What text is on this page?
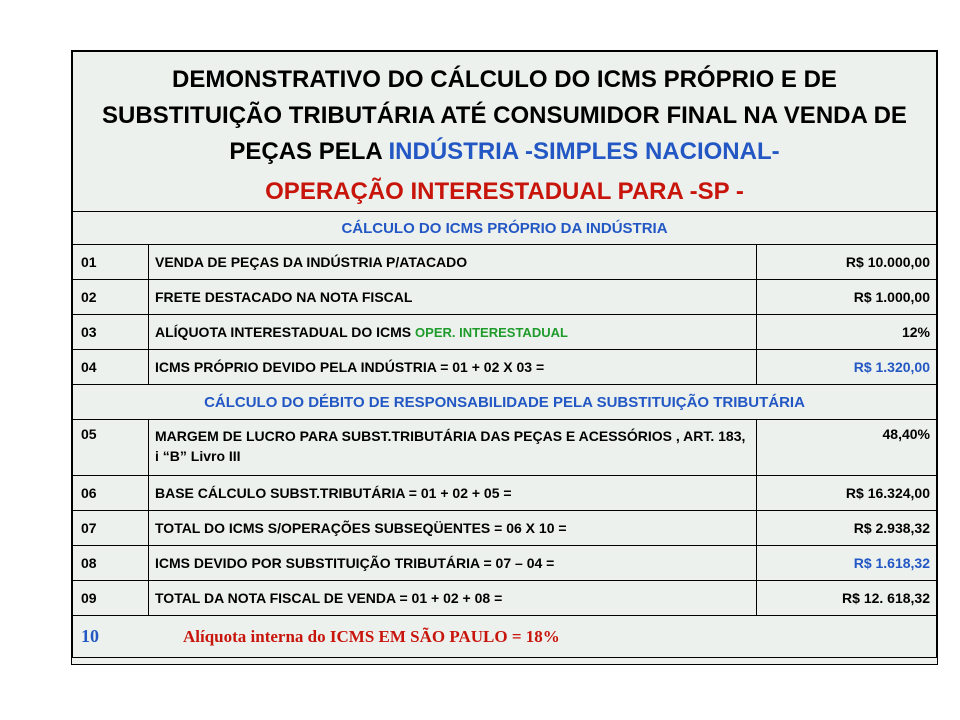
DEMONSTRATIVO DO CÁLCULO DO ICMS PRÓPRIO E DE SUBSTITUIÇÃO TRIBUTÁRIA ATÉ CONSUMIDOR FINAL NA VENDA DE PEÇAS PELA INDÚSTRIA -SIMPLES NACIONAL-
OPERAÇÃO INTERESTADUAL PARA -SP -		

CÁLCULO DO ICMS PRÓPRIO DA INDÚSTRIA		
01	VENDA DE PEÇAS DA INDÚSTRIA P/ATACADO	R$ 10.000,00
02	FRETE DESTACADO NA NOTA FISCAL	R$ 1.000,00
03	ALÍQUOTA INTERESTADUAL DO ICMS OPER. INTERESTADUAL	12%
04	ICMS PRÓPRIO DEVIDO PELA INDÚSTRIA = 01 + 02 X 03 =	R$ 1.320,00
CÁLCULO DO DÉBITO DE RESPONSABILIDADE PELA SUBSTITUIÇÃO TRIBUTÁRIA		
05	MARGEM DE LUCRO PARA SUBST.TRIBUTÁRIA DAS PEÇAS E ACESSÓRIOS , ART. 183, i “B” Livro III	48,40%
06	BASE CÁLCULO SUBST.TRIBUTÁRIA = 01 + 02 + 05 =	R$ 16.324,00
07	TOTAL DO ICMS S/OPERAÇÕES SUBSEQÜENTES = 06 X 10 =	R$ 2.938,32
08	ICMS DEVIDO POR SUBSTITUIÇÃO TRIBUTÁRIA = 07 – 04 =	R$ 1.618,32
09	TOTAL DA NOTA FISCAL DE VENDA = 01 + 02 + 08 =	R$ 12. 618,32
10 Alíquota interna do ICMS EM SÃO PAULO = 18%		
